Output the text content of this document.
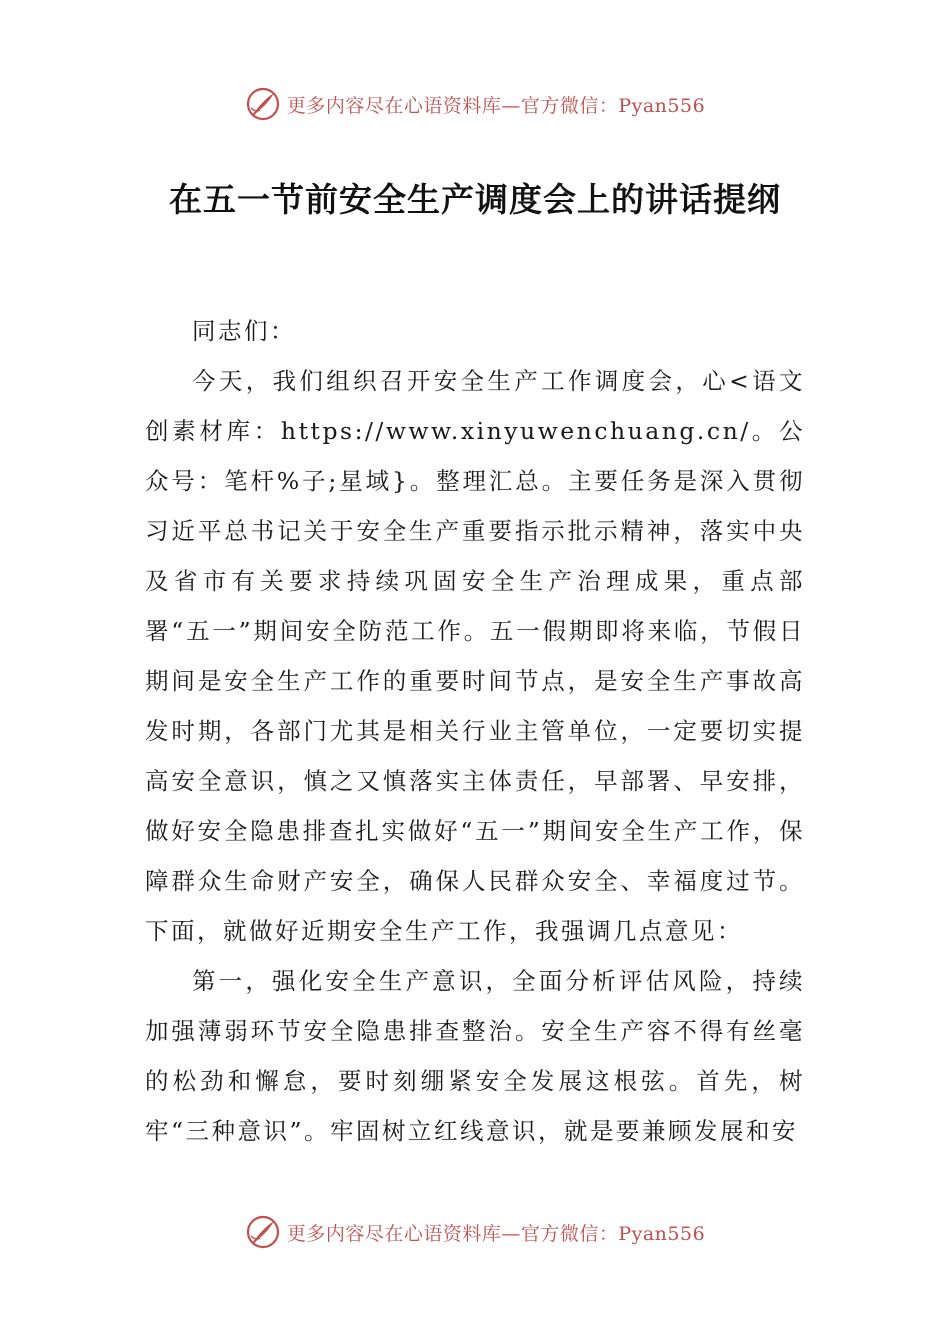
更多内容尽在心语资料库—官方微信：Pyan556
在五一节前安全生产调度会上的讲话提纲

同志们：

今天，我们组织召开安全生产工作调度会，心<语文创素材库：https://www.xinyuwenchuang.cn/。公众号：笔杆%子;星域}。整理汇总。主要任务是深入贯彻习近平总书记关于安全生产重要指示批示精神，落实中央及省市有关要求持续巩固安全生产治理成果，重点部署“五一”期间安全防范工作。五一假期即将来临，节假日期间是安全生产工作的重要时间节点，是安全生产事故高发时期，各部门尤其是相关行业主管单位，一定要切实提高安全意识，慎之又慎落实主体责任，早部署、早安排，做好安全隐患排查扎实做好“五一”期间安全生产工作，保障群众生命财产安全，确保人民群众安全、幸福度过节。下面，就做好近期安全生产工作，我强调几点意见：

第一，强化安全生产意识，全面分析评估风险，持续加强薄弱环节安全隐患排查整治。安全生产容不得有丝毫的松劲和懈怠，要时刻绷紧安全发展这根弦。首先，树牢“三种意识”。牢固树立红线意识，就是要兼顾发展和安

更多内容尽在心语资料库—官方微信：Pyan556
